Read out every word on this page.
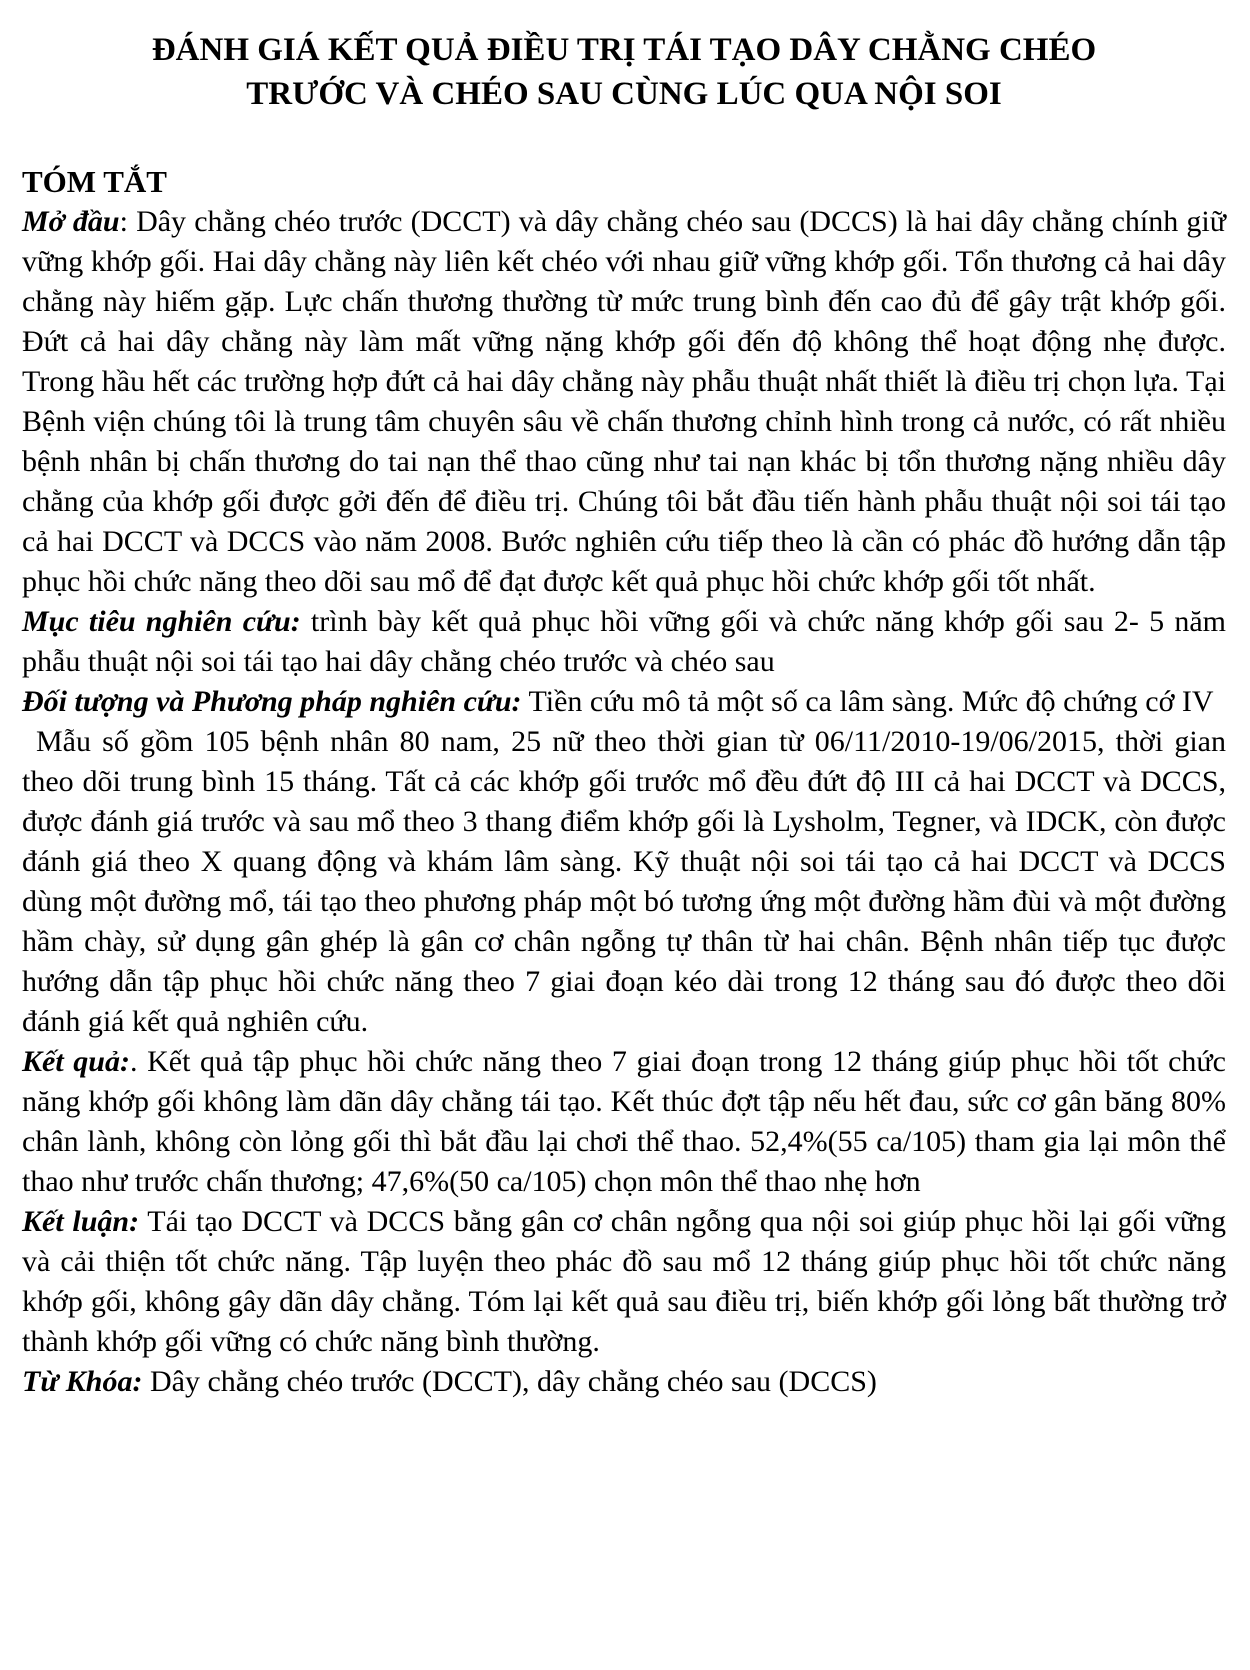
ĐÁNH GIÁ KẾT QUẢ ĐIỀU TRỊ TÁI TẠO DÂY CHẰNG CHÉO
TRƯỚC VÀ CHÉO SAU CÙNG LÚC QUA NỘI SOI

TÓM TẮT

Mở đầu: Dây chằng chéo trước (DCCT) và dây chằng chéo sau (DCCS) là hai dây chằng chính giữ vững khớp gối. Hai dây chằng này liên kết chéo với nhau giữ vững khớp gối. Tổn thương cả hai dây chằng này hiếm gặp. Lực chấn thương thường từ mức trung bình đến cao đủ để gây trật khớp gối. Đứt cả hai dây chằng này làm mất vững nặng khớp gối đến độ không thể hoạt động nhẹ được. Trong hầu hết các trường hợp đứt cả hai dây chằng này phẫu thuật nhất thiết là điều trị chọn lựa. Tại Bệnh viện chúng tôi là trung tâm chuyên sâu về chấn thương chỉnh hình trong cả nước, có rất nhiều bệnh nhân bị chấn thương do tai nạn thể thao cũng như tai nạn khác bị tổn thương nặng nhiều dây chằng của khớp gối được gởi đến để điều trị. Chúng tôi bắt đầu tiến hành phẫu thuật nội soi tái tạo cả hai DCCT và DCCS vào năm 2008. Bước nghiên cứu tiếp theo là cần có phác đồ hướng dẫn tập phục hồi chức năng theo dõi sau mổ để đạt được kết quả phục hồi chức khớp gối tốt nhất.

Mục tiêu nghiên cứu: trình bày kết quả phục hồi vững gối và chức năng khớp gối sau 2- 5 năm phẫu thuật nội soi tái tạo hai dây chằng chéo trước và chéo sau

Đối tượng và Phương pháp nghiên cứu: Tiền cứu mô tả một số ca lâm sàng. Mức độ chứng cớ IV

Mẫu số gồm 105 bệnh nhân 80 nam, 25 nữ theo thời gian từ 06/11/2010-19/06/2015, thời gian theo dõi trung bình 15 tháng. Tất cả các khớp gối trước mổ đều đứt độ III cả hai DCCT và DCCS, được đánh giá trước và sau mổ theo 3 thang điểm khớp gối là Lysholm, Tegner, và IDCK, còn được đánh giá theo X quang động và khám lâm sàng. Kỹ thuật nội soi tái tạo cả hai DCCT và DCCS dùng một đường mổ, tái tạo theo phương pháp một bó tương ứng một đường hầm đùi và một đường hầm chày, sử dụng gân ghép là gân cơ chân ngỗng tự thân từ hai chân. Bệnh nhân tiếp tục được hướng dẫn tập phục hồi chức năng theo 7 giai đoạn kéo dài trong 12 tháng sau đó được theo dõi đánh giá kết quả nghiên cứu.

Kết quả:. Kết quả tập phục hồi chức năng theo 7 giai đoạn trong 12 tháng giúp phục hồi tốt chức năng khớp gối không làm dãn dây chằng tái tạo. Kết thúc đợt tập nếu hết đau, sức cơ gân băng 80% chân lành, không còn lỏng gối thì bắt đầu lại chơi thể thao. 52,4%(55 ca/105) tham gia lại môn thể thao như trước chấn thương; 47,6%(50 ca/105) chọn môn thể thao nhẹ hơn

Kết luận: Tái tạo DCCT và DCCS bằng gân cơ chân ngỗng qua nội soi giúp phục hồi lại gối vững và cải thiện tốt chức năng. Tập luyện theo phác đồ sau mổ 12 tháng giúp phục hồi tốt chức năng khớp gối, không gây dãn dây chằng. Tóm lại kết quả sau điều trị, biến khớp gối lỏng bất thường trở thành khớp gối vững có chức năng bình thường.

Từ Khóa: Dây chằng chéo trước (DCCT), dây chằng chéo sau (DCCS)
